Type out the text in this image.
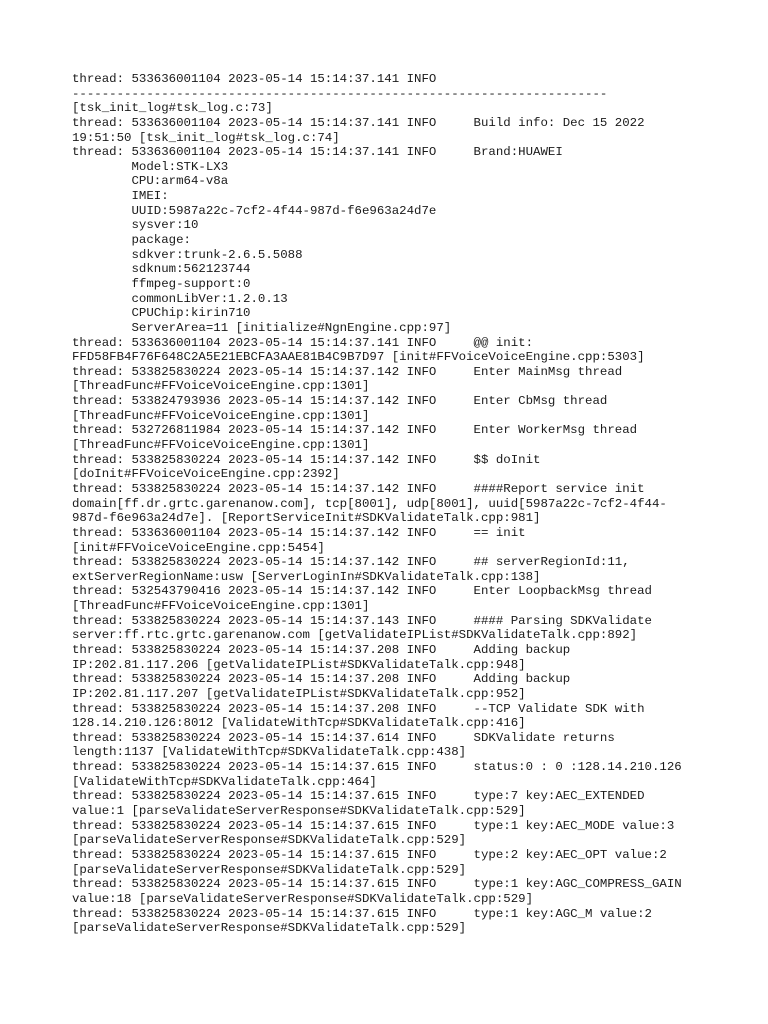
thread: 533636001104 2023-05-14 15:14:37.141 INFO
------------------------------------------------------------------------
[tsk_init_log#tsk_log.c:73]
thread: 533636001104 2023-05-14 15:14:37.141 INFO     Build info: Dec 15 2022
19:51:50 [tsk_init_log#tsk_log.c:74]
thread: 533636001104 2023-05-14 15:14:37.141 INFO     Brand:HUAWEI
Model:STK-LX3
CPU:arm64-v8a
IMEI:
UUID:5987a22c-7cf2-4f44-987d-f6e963a24d7e
sysver:10
package:
sdkver:trunk-2.6.5.5088
sdknum:562123744
ffmpeg-support:0
commonLibVer:1.2.0.13
CPUChip:kirin710
ServerArea=11 [initialize#NgnEngine.cpp:97]
thread: 533636001104 2023-05-14 15:14:37.141 INFO     @@ init:
FFD58FB4F76F648C2A5E21EBCFA3AAE81B4C9B7D97 [init#FFVoiceVoiceEngine.cpp:5303]
thread: 533825830224 2023-05-14 15:14:37.142 INFO     Enter MainMsg thread
[ThreadFunc#FFVoiceVoiceEngine.cpp:1301]
thread: 533824793936 2023-05-14 15:14:37.142 INFO     Enter CbMsg thread
[ThreadFunc#FFVoiceVoiceEngine.cpp:1301]
thread: 532726811984 2023-05-14 15:14:37.142 INFO     Enter WorkerMsg thread
[ThreadFunc#FFVoiceVoiceEngine.cpp:1301]
thread: 533825830224 2023-05-14 15:14:37.142 INFO     $$ doInit
[doInit#FFVoiceVoiceEngine.cpp:2392]
thread: 533825830224 2023-05-14 15:14:37.142 INFO     ####Report service init
domain[ff.dr.grtc.garenanow.com], tcp[8001], udp[8001], uuid[5987a22c-7cf2-4f44-
987d-f6e963a24d7e]. [ReportServiceInit#SDKValidateTalk.cpp:981]
thread: 533636001104 2023-05-14 15:14:37.142 INFO     == init
[init#FFVoiceVoiceEngine.cpp:5454]
thread: 533825830224 2023-05-14 15:14:37.142 INFO     ## serverRegionId:11,
extServerRegionName:usw [ServerLoginIn#SDKValidateTalk.cpp:138]
thread: 532543790416 2023-05-14 15:14:37.142 INFO     Enter LoopbackMsg thread
[ThreadFunc#FFVoiceVoiceEngine.cpp:1301]
thread: 533825830224 2023-05-14 15:14:37.143 INFO     #### Parsing SDKValidate
server:ff.rtc.grtc.garenanow.com [getValidateIPList#SDKValidateTalk.cpp:892]
thread: 533825830224 2023-05-14 15:14:37.208 INFO     Adding backup
IP:202.81.117.206 [getValidateIPList#SDKValidateTalk.cpp:948]
thread: 533825830224 2023-05-14 15:14:37.208 INFO     Adding backup
IP:202.81.117.207 [getValidateIPList#SDKValidateTalk.cpp:952]
thread: 533825830224 2023-05-14 15:14:37.208 INFO     --TCP Validate SDK with
128.14.210.126:8012 [ValidateWithTcp#SDKValidateTalk.cpp:416]
thread: 533825830224 2023-05-14 15:14:37.614 INFO     SDKValidate returns
length:1137 [ValidateWithTcp#SDKValidateTalk.cpp:438]
thread: 533825830224 2023-05-14 15:14:37.615 INFO     status:0 : 0 :128.14.210.126
[ValidateWithTcp#SDKValidateTalk.cpp:464]
thread: 533825830224 2023-05-14 15:14:37.615 INFO     type:7 key:AEC_EXTENDED
value:1 [parseValidateServerResponse#SDKValidateTalk.cpp:529]
thread: 533825830224 2023-05-14 15:14:37.615 INFO     type:1 key:AEC_MODE value:3
[parseValidateServerResponse#SDKValidateTalk.cpp:529]
thread: 533825830224 2023-05-14 15:14:37.615 INFO     type:2 key:AEC_OPT value:2
[parseValidateServerResponse#SDKValidateTalk.cpp:529]
thread: 533825830224 2023-05-14 15:14:37.615 INFO     type:1 key:AGC_COMPRESS_GAIN
value:18 [parseValidateServerResponse#SDKValidateTalk.cpp:529]
thread: 533825830224 2023-05-14 15:14:37.615 INFO     type:1 key:AGC_M value:2
[parseValidateServerResponse#SDKValidateTalk.cpp:529]
